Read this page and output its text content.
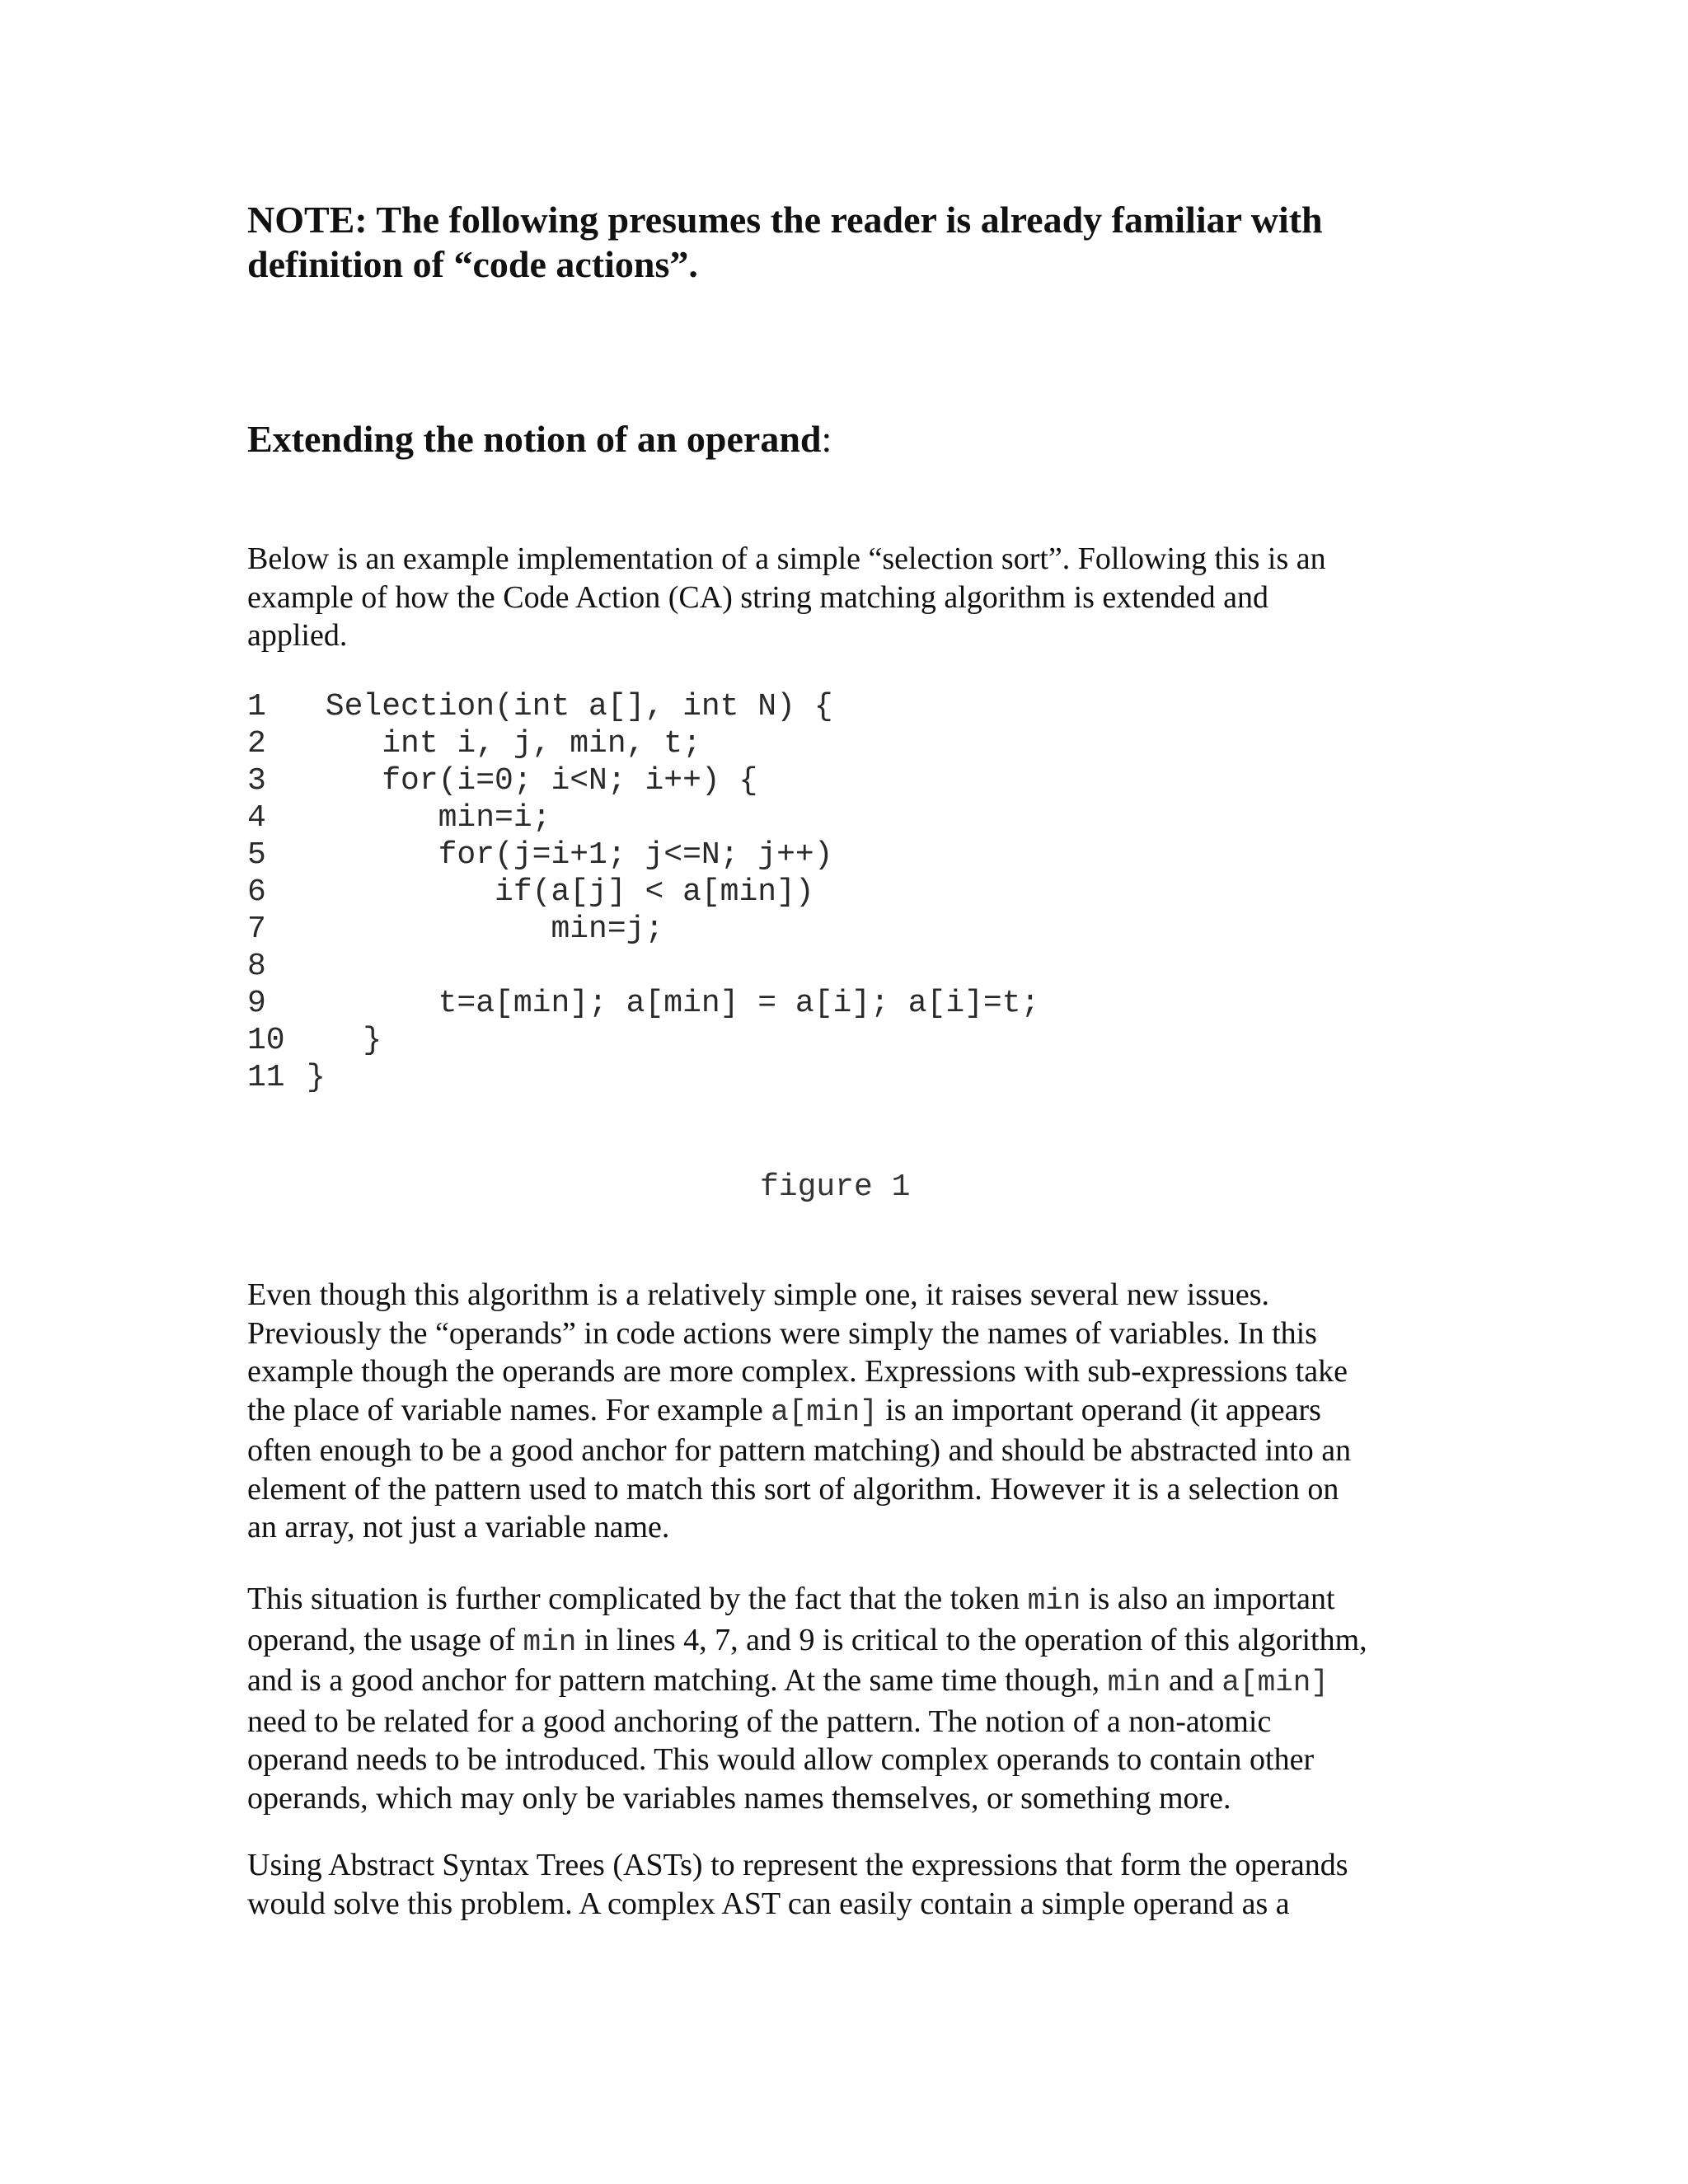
NOTE: The following presumes the reader is already familiar with
definition of “code actions”.
Extending the notion of an operand:

Below is an example implementation of a simple “selection sort”. Following this is an
example of how the Code Action (CA) string matching algorithm is extended and
applied.

1 Selection(int a[], int N) {
2    int i, j, min, t;
3    for(i=0; i<N; i++) {
4       min=i;
5       for(j=i+1; j<=N; j++)
6          if(a[j] < a[min])
7             min=j;
8
9       t=a[min]; a[min] = a[i]; a[i]=t;
10   }
11 }

figure 1

Even though this algorithm is a relatively simple one, it raises several new issues.
Previously the “operands” in code actions were simply the names of variables. In this
example though the operands are more complex. Expressions with sub-expressions take
the place of variable names. For example a[min] is an important operand (it appears
often enough to be a good anchor for pattern matching) and should be abstracted into an
element of the pattern used to match this sort of algorithm. However it is a selection on
an array, not just a variable name.

This situation is further complicated by the fact that the token min is also an important
operand, the usage of min in lines 4, 7, and 9 is critical to the operation of this algorithm,
and is a good anchor for pattern matching. At the same time though, min and a[min]
need to be related for a good anchoring of the pattern. The notion of a non-atomic
operand needs to be introduced. This would allow complex operands to contain other
operands, which may only be variables names themselves, or something more.

Using Abstract Syntax Trees (ASTs) to represent the expressions that form the operands
would solve this problem. A complex AST can easily contain a simple operand as a
